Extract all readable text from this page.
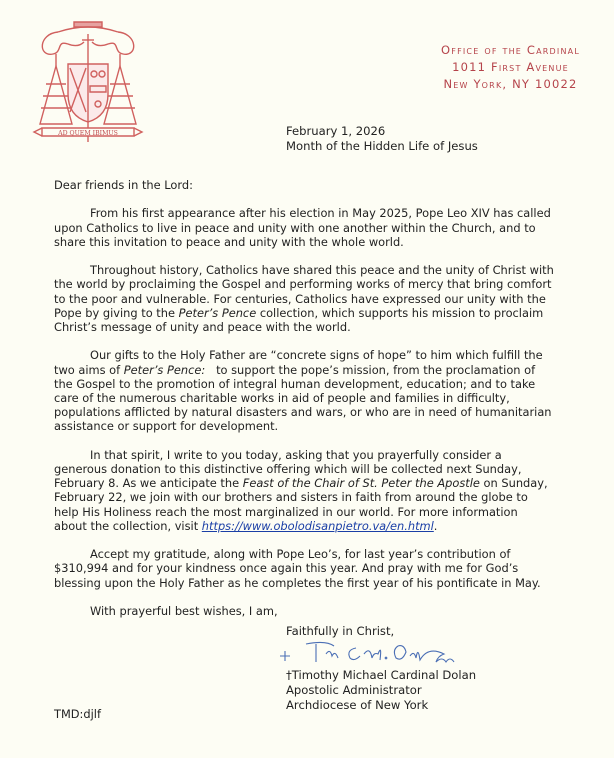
AD QUEM IBIMUS
Office of the Cardinal
1011 First Avenue
New York, NY 10022
February 1, 2026
Month of the Hidden Life of Jesus

Dear friends in the Lord:

From his first appearance after his election in May 2025, Pope Leo XIV has called upon Catholics to live in peace and unity with one another within the Church, and to share this invitation to peace and unity with the whole world.

Throughout history, Catholics have shared this peace and the unity of Christ with the world by proclaiming the Gospel and performing works of mercy that bring comfort to the poor and vulnerable. For centuries, Catholics have expressed our unity with the Pope by giving to the Peter’s Pence collection, which supports his mission to proclaim Christ’s message of unity and peace with the world.

Our gifts to the Holy Father are “concrete signs of hope” to him which fulfill the two aims of Peter’s Pence:   to support the pope’s mission, from the proclamation of the Gospel to the promotion of integral human development, education; and to take care of the numerous charitable works in aid of people and families in difficulty, populations afflicted by natural disasters and wars, or who are in need of humanitarian assistance or support for development.

In that spirit, I write to you today, asking that you prayerfully consider a generous donation to this distinctive offering which will be collected next Sunday, February 8. As we anticipate the Feast of the Chair of St. Peter the Apostle on Sunday, February 22, we join with our brothers and sisters in faith from around the globe to help His Holiness reach the most marginalized in our world. For more information about the collection, visit https://www.obolodisanpietro.va/en.html.

Accept my gratitude, along with Pope Leo’s, for last year’s contribution of $310,994 and for your kindness once again this year. And pray with me for God’s blessing upon the Holy Father as he completes the first year of his pontificate in May.

With prayerful best wishes, I am,

Faithfully in Christ,
†Timothy Michael Cardinal Dolan
Apostolic Administrator
Archdiocese of New York
TMD:djlf
